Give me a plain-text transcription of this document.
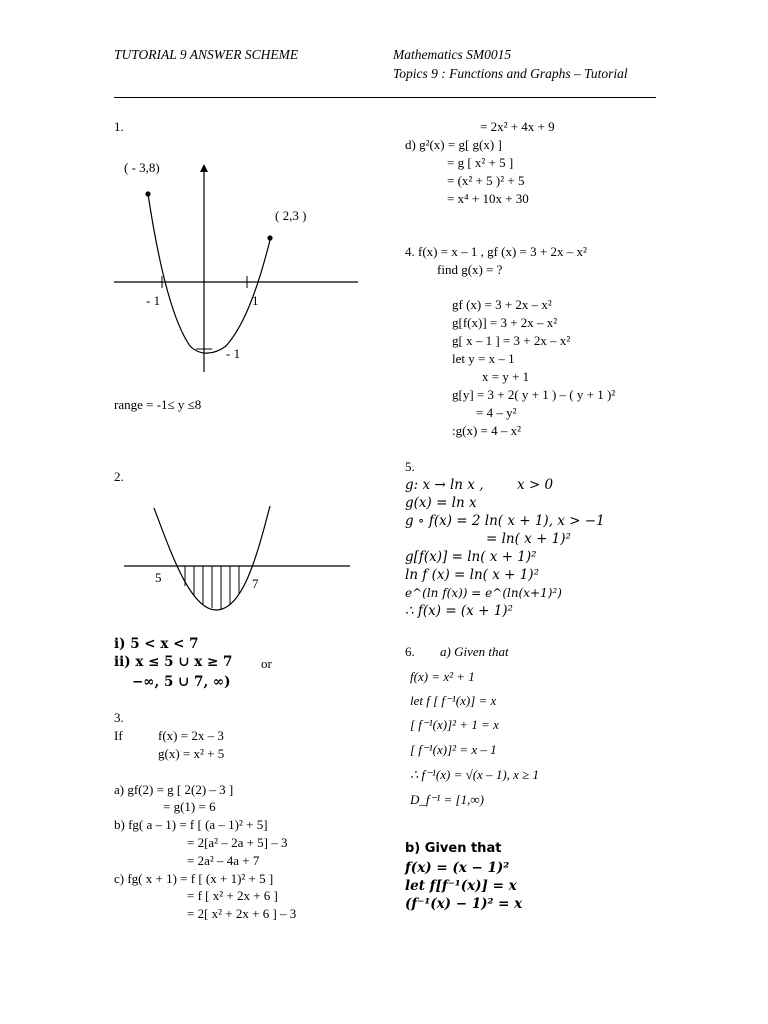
TUTORIAL 9 ANSWER SCHEME	Mathematics SM0015
Topics 9 : Functions and Graphs – Tutorial
1.
( - 3,8)
( 2,3 )
- 1	1
- 1
range = -1≤ y ≤8
2.
5	7
i) 5 < x < 7
ii) x ≤ 5 ∪ x ≥ 7 or
−∞, 5 ∪ 7, ∞)
3.
If	f(x) = 2x – 3
g(x) = x² + 5
a) gf(2) = g [ 2(2) – 3 ]
= g(1) = 6
b) fg( a – 1) = f [ (a – 1)² + 5]
= 2[a² – 2a + 5] – 3
= 2a² – 4a + 7
c) fg( x + 1) = f [ (x + 1)² + 5 ]
= f [ x² + 2x + 6 ]
= 2[ x² + 2x + 6 ] – 3
= 2x² + 4x + 9
d) g²(x) = g[ g(x) ]
= g [ x² + 5 ]
= (x² + 5 )² + 5
= x⁴ + 10x + 30
4. f(x) = x – 1 , gf (x) = 3 + 2x – x²
find g(x) = ?
gf (x) = 3 + 2x – x²
g[f(x)] = 3 + 2x – x²
g[ x – 1 ] = 3 + 2x – x²
let y = x – 1
x = y + 1
g[y] = 3 + 2( y + 1 ) – ( y + 1 )²
= 4 – y²
:g(x) = 4 – x²
5.
g: x → ln x , x > 0
g(x) = ln x
g ∘ f(x) = 2 ln( x + 1), x > −1
= ln( x + 1)²
g[f(x)] = ln( x + 1)²
ln f (x) = ln( x + 1)²
e^(ln f(x)) = e^(ln(x+1)²)
∴ f(x) = (x + 1)²
6. a) Given that
f(x) = x² + 1
let f [ f⁻¹(x)] = x
[ f⁻¹(x)]² + 1 = x
[ f⁻¹(x)]² = x – 1
∴ f⁻¹(x) = √(x – 1), x ≥ 1
D_f⁻¹ = [1,∞)
b) Given that
f(x) = (x − 1)²
let f[f⁻¹(x)] = x
(f⁻¹(x) − 1)² = x
